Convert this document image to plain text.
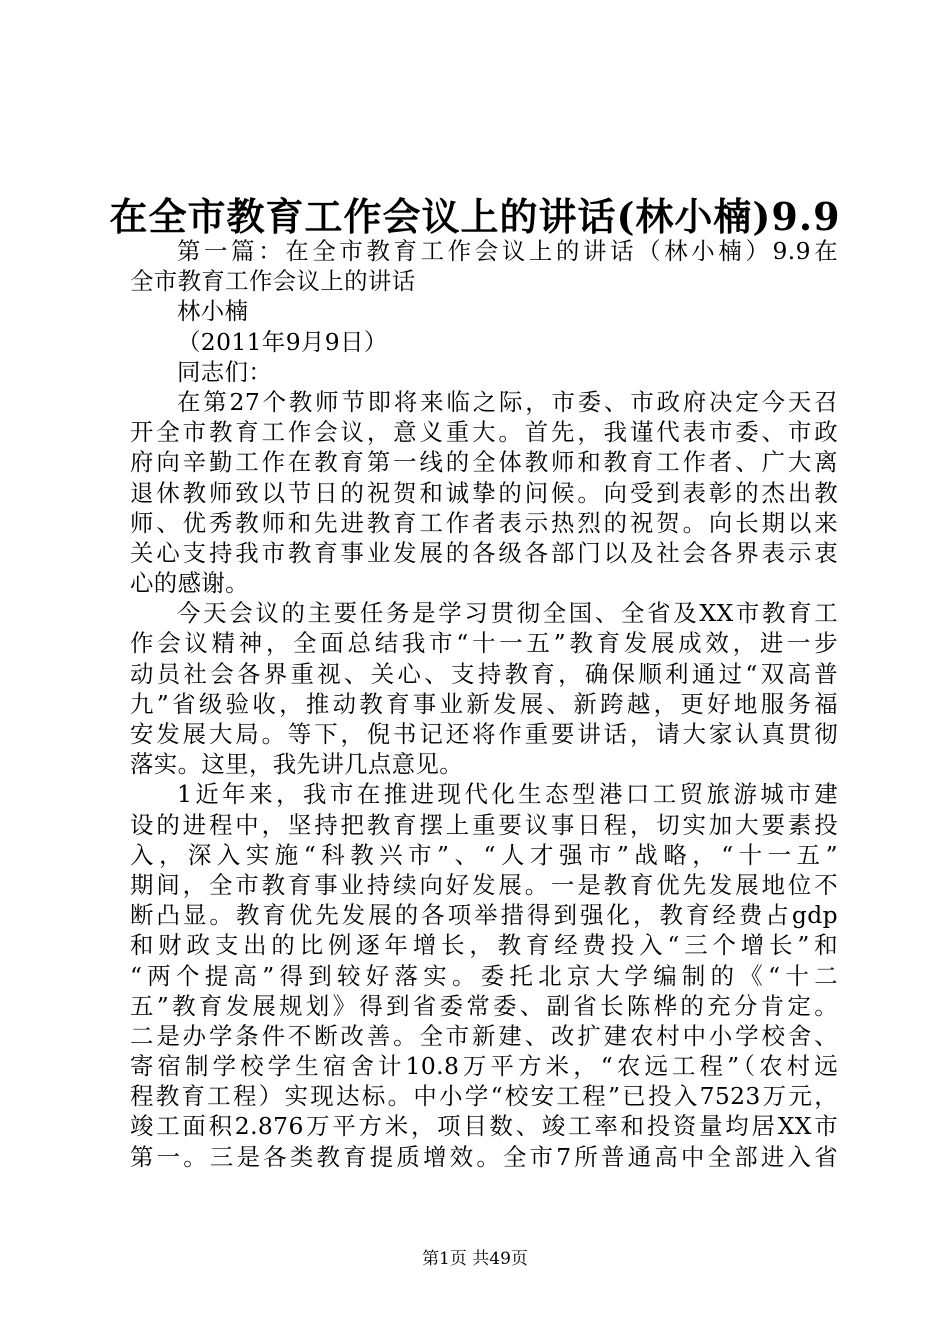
在全市教育工作会议上的讲话(林小楠)9.9
第一篇：在全市教育工作会议上的讲话（林小楠）9.9在
全市教育工作会议上的讲话
林小楠
（2011年9月9日）
同志们：
在第27个教师节即将来临之际，市委、市政府决定今天召
开全市教育工作会议，意义重大。首先，我谨代表市委、市政
府向辛勤工作在教育第一线的全体教师和教育工作者、广大离
退休教师致以节日的祝贺和诚挚的问候。向受到表彰的杰出教
师、优秀教师和先进教育工作者表示热烈的祝贺。向长期以来
关心支持我市教育事业发展的各级各部门以及社会各界表示衷
心的感谢。
今天会议的主要任务是学习贯彻全国、全省及XX市教育工
作会议精神，全面总结我市“十一五”教育发展成效，进一步
动员社会各界重视、关心、支持教育，确保顺利通过“双高普
九”省级验收，推动教育事业新发展、新跨越，更好地服务福
安发展大局。等下，倪书记还将作重要讲话，请大家认真贯彻
落实。这里，我先讲几点意见。
1近年来，我市在推进现代化生态型港口工贸旅游城市建
设的进程中，坚持把教育摆上重要议事日程，切实加大要素投
入，深入实施“科教兴市”、“人才强市”战略，“十一五”
期间，全市教育事业持续向好发展。一是教育优先发展地位不
断凸显。教育优先发展的各项举措得到强化，教育经费占gdp
和财政支出的比例逐年增长，教育经费投入“三个增长”和
“两个提高”得到较好落实。委托北京大学编制的《“十二
五”教育发展规划》得到省委常委、副省长陈桦的充分肯定。
二是办学条件不断改善。全市新建、改扩建农村中小学校舍、
寄宿制学校学生宿舍计10.8万平方米，“农远工程”（农村远
程教育工程）实现达标。中小学“校安工程”已投入7523万元，
竣工面积2.876万平方米，项目数、竣工率和投资量均居XX市
第一。三是各类教育提质增效。全市7所普通高中全部进入省
第1页 共49页
